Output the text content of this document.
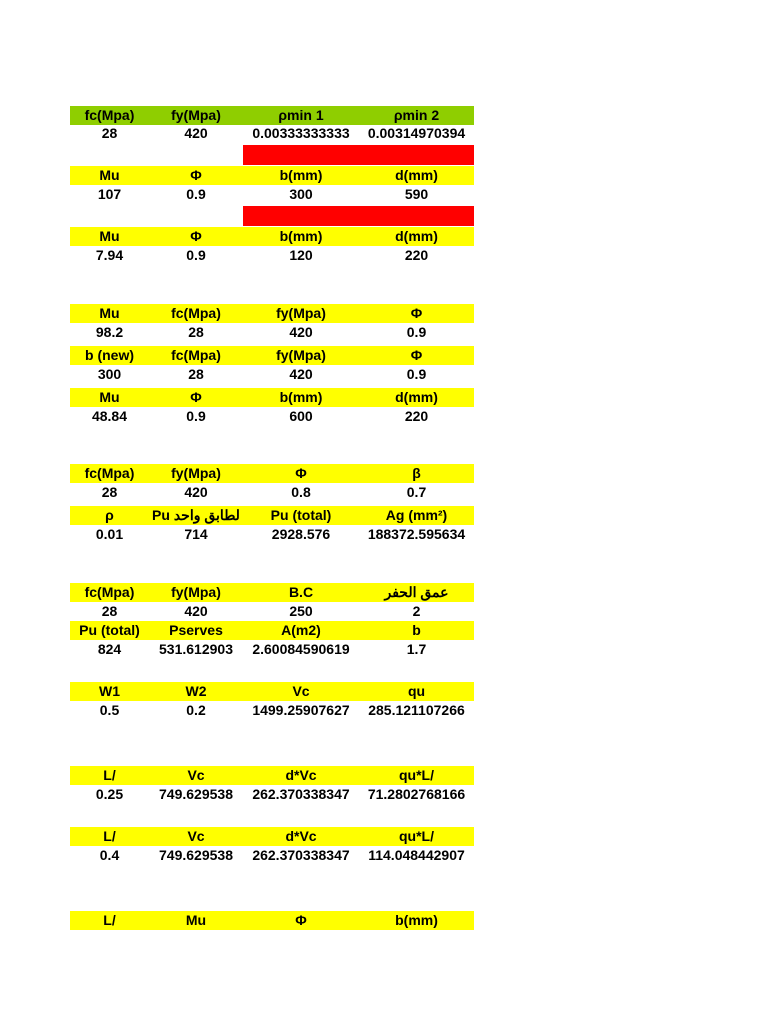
fc(Mpa)	fy(Mpa)	ρmin 1	ρmin 2
28	420	0.00333333333	0.00314970394
Mu	Φ	b(mm)	d(mm)
107	0.9	300	590
Mu	Φ	b(mm)	d(mm)
7.94	0.9	120	220
Mu	fc(Mpa)	fy(Mpa)	Φ
98.2	28	420	0.9
b (new)	fc(Mpa)	fy(Mpa)	Φ
300	28	420	0.9
Mu	Φ	b(mm)	d(mm)
48.84	0.9	600	220
fc(Mpa)	fy(Mpa)	Φ	β
28	420	0.8	0.7
ρ	Pu لطابق واحد	Pu (total)	Ag (mm²)
0.01	714	2928.576	188372.595634
fc(Mpa)	fy(Mpa)	B.C	عمق الحفر
28	420	250	2
Pu (total)	Pserves	A(m2)	b
824	531.612903	2.60084590619	1.7
W1	W2	Vc	qu
0.5	0.2	1499.25907627	285.121107266
L/	Vc	d*Vc	qu*L/
0.25	749.629538	262.370338347	71.2802768166
L/	Vc	d*Vc	qu*L/
0.4	749.629538	262.370338347	114.048442907
L/	Mu	Φ	b(mm)
